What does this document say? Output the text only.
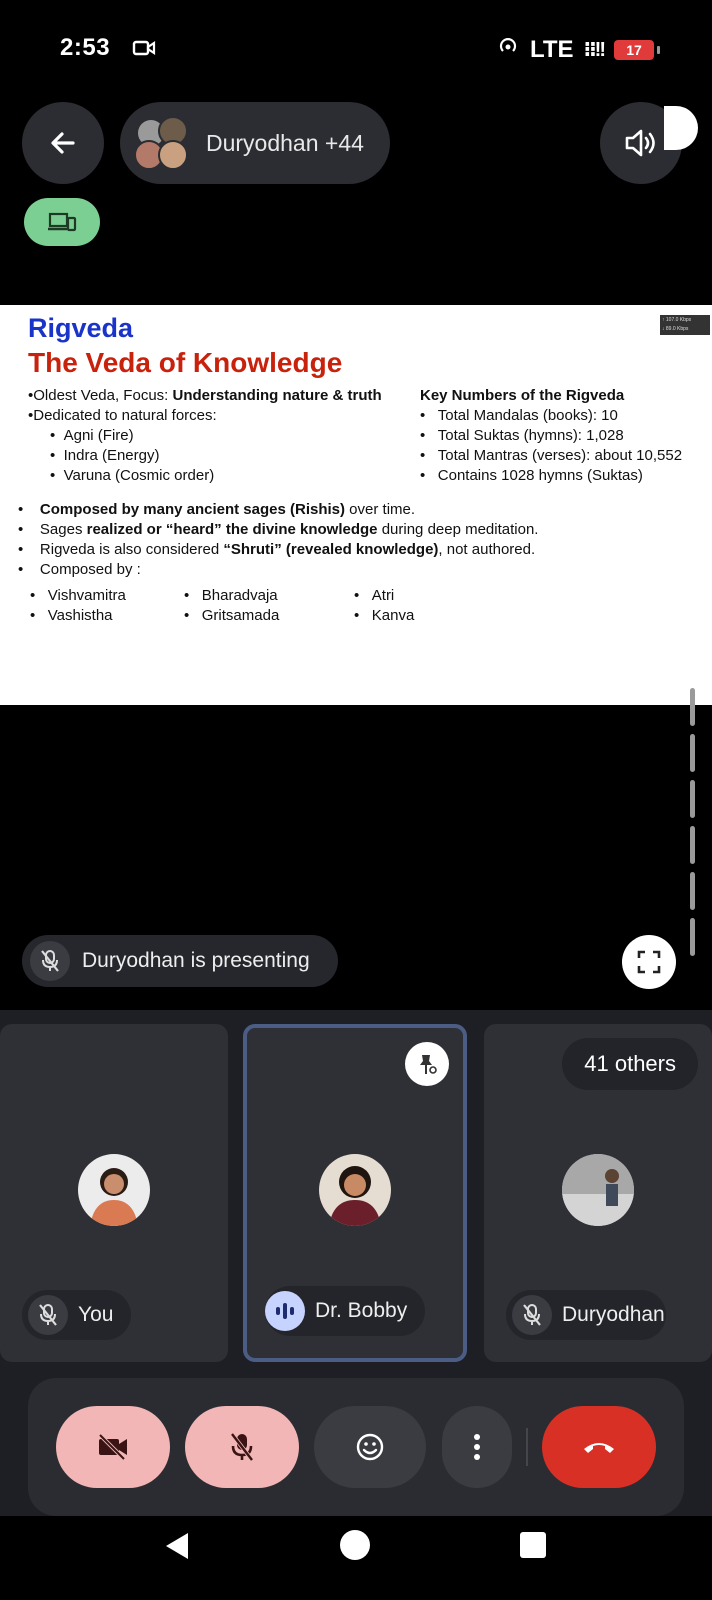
2:53	LTE ⁝⁝!! 17
Duryodhan +44
Rigveda
The Veda of Knowledge
↑ 107.0 Kbps
↓ 89.0 Kbps
•Oldest Veda, Focus: Understanding nature & truth
•Dedicated to natural forces:
•  Agni (Fire)
•  Indra (Energy)
•  Varuna (Cosmic order)
Key Numbers of the Rigveda
•   Total Mandalas (books): 10
•   Total Suktas (hymns): 1,028
•   Total Mantras (verses): about 10,552
•   Contains 1028 hymns (Suktas)
•    Composed by many ancient sages (Rishis) over time.
•    Sages realized or “heard” the divine knowledge during deep meditation.
•    Rigveda is also considered “Shruti” (revealed knowledge), not authored.
•    Composed by :
•   Vishvamitra
•   Vashistha
•   Bharadvaja
•   Gritsamada
•   Atri
•   Kanva
Duryodhan is presenting
You	Dr. Bobby
41 others
Duryodhan
